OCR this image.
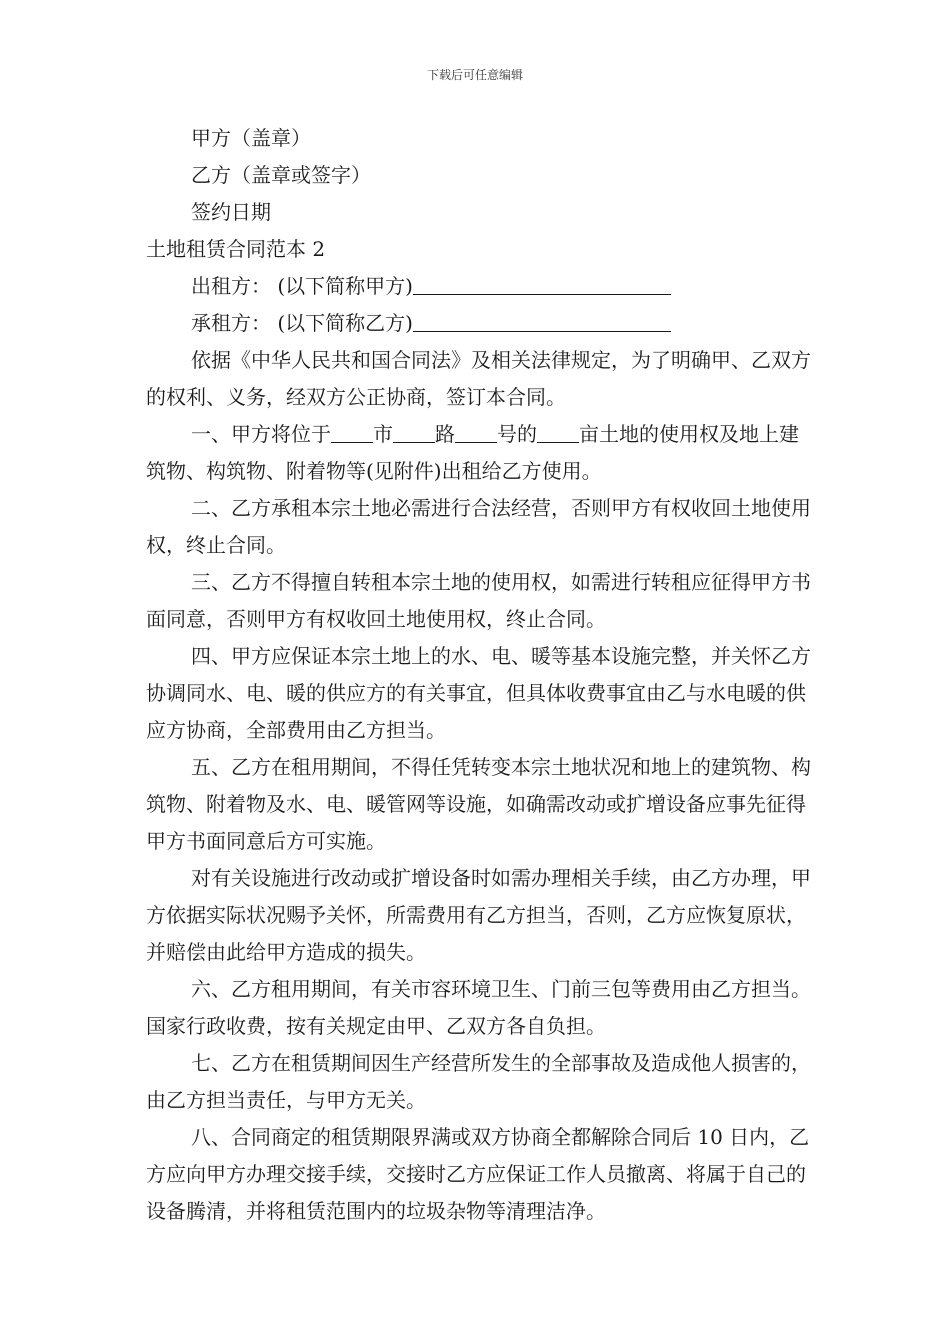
下载后可任意编辑
甲方（盖章）
乙方（盖章或签字）
签约日期
土地租赁合同范本 2
出租方： (以下简称甲方)
承租方： (以下简称乙方)

依据《中华人民共和国合同法》及相关法律规定，为了明确甲、乙双方的权利、义务，经双方公正协商，签订本合同。

一、甲方将位于 市 路 号的 亩土地的使用权及地上建筑物、构筑物、附着物等(见附件)出租给乙方使用。

二、乙方承租本宗土地必需进行合法经营，否则甲方有权收回土地使用权，终止合同。

三、乙方不得擅自转租本宗土地的使用权，如需进行转租应征得甲方书面同意，否则甲方有权收回土地使用权，终止合同。

四、甲方应保证本宗土地上的水、电、暖等基本设施完整，并关怀乙方协调同水、电、暖的供应方的有关事宜，但具体收费事宜由乙与水电暖的供应方协商，全部费用由乙方担当。

五、乙方在租用期间，不得任凭转变本宗土地状况和地上的建筑物、构筑物、附着物及水、电、暖管网等设施，如确需改动或扩增设备应事先征得甲方书面同意后方可实施。

对有关设施进行改动或扩增设备时如需办理相关手续，由乙方办理，甲方依据实际状况赐予关怀，所需费用有乙方担当，否则，乙方应恢复原状，并赔偿由此给甲方造成的损失。

六、乙方租用期间，有关市容环境卫生、门前三包等费用由乙方担当。国家行政收费，按有关规定由甲、乙双方各自负担。

七、乙方在租赁期间因生产经营所发生的全部事故及造成他人损害的，由乙方担当责任，与甲方无关。

八、合同商定的租赁期限界满或双方协商全都解除合同后 10 日内，乙方应向甲方办理交接手续，交接时乙方应保证工作人员撤离、将属于自己的设备腾清，并将租赁范围内的垃圾杂物等清理洁净。
